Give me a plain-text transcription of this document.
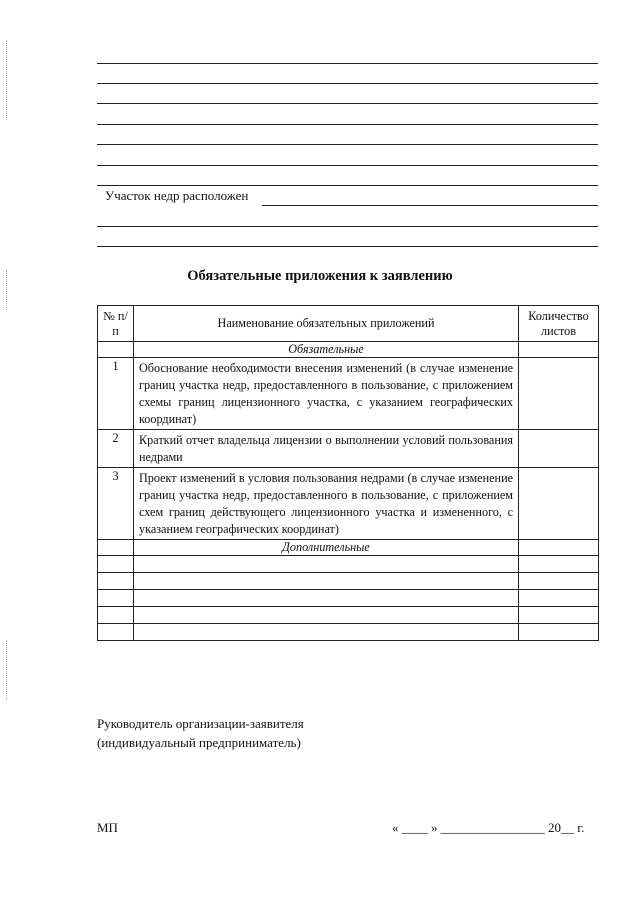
Участок недр расположен
Обязательные приложения к заявлению
№ п/п	Наименование обязательных приложений	Количество листов
	Обязательные	
1	Обоснование необходимости внесения изменений (в случае изменение границ участка недр, предоставленного в пользование, с приложением схемы границ лицензионного участка, с указанием географических координат)	
2	Краткий отчет владельца лицензии о выполнении условий пользования недрами	
3	Проект изменений в условия пользования недрами (в случае изменение границ участка недр, предоставленного в пользование, с приложением схем границ действующего лицензионного участка и измененного, с указанием географических координат)	
	Дополнительные	

Руководитель организации-заявителя
(индивидуальный предприниматель)
МП	« ____ » ________________ 20__ г.
